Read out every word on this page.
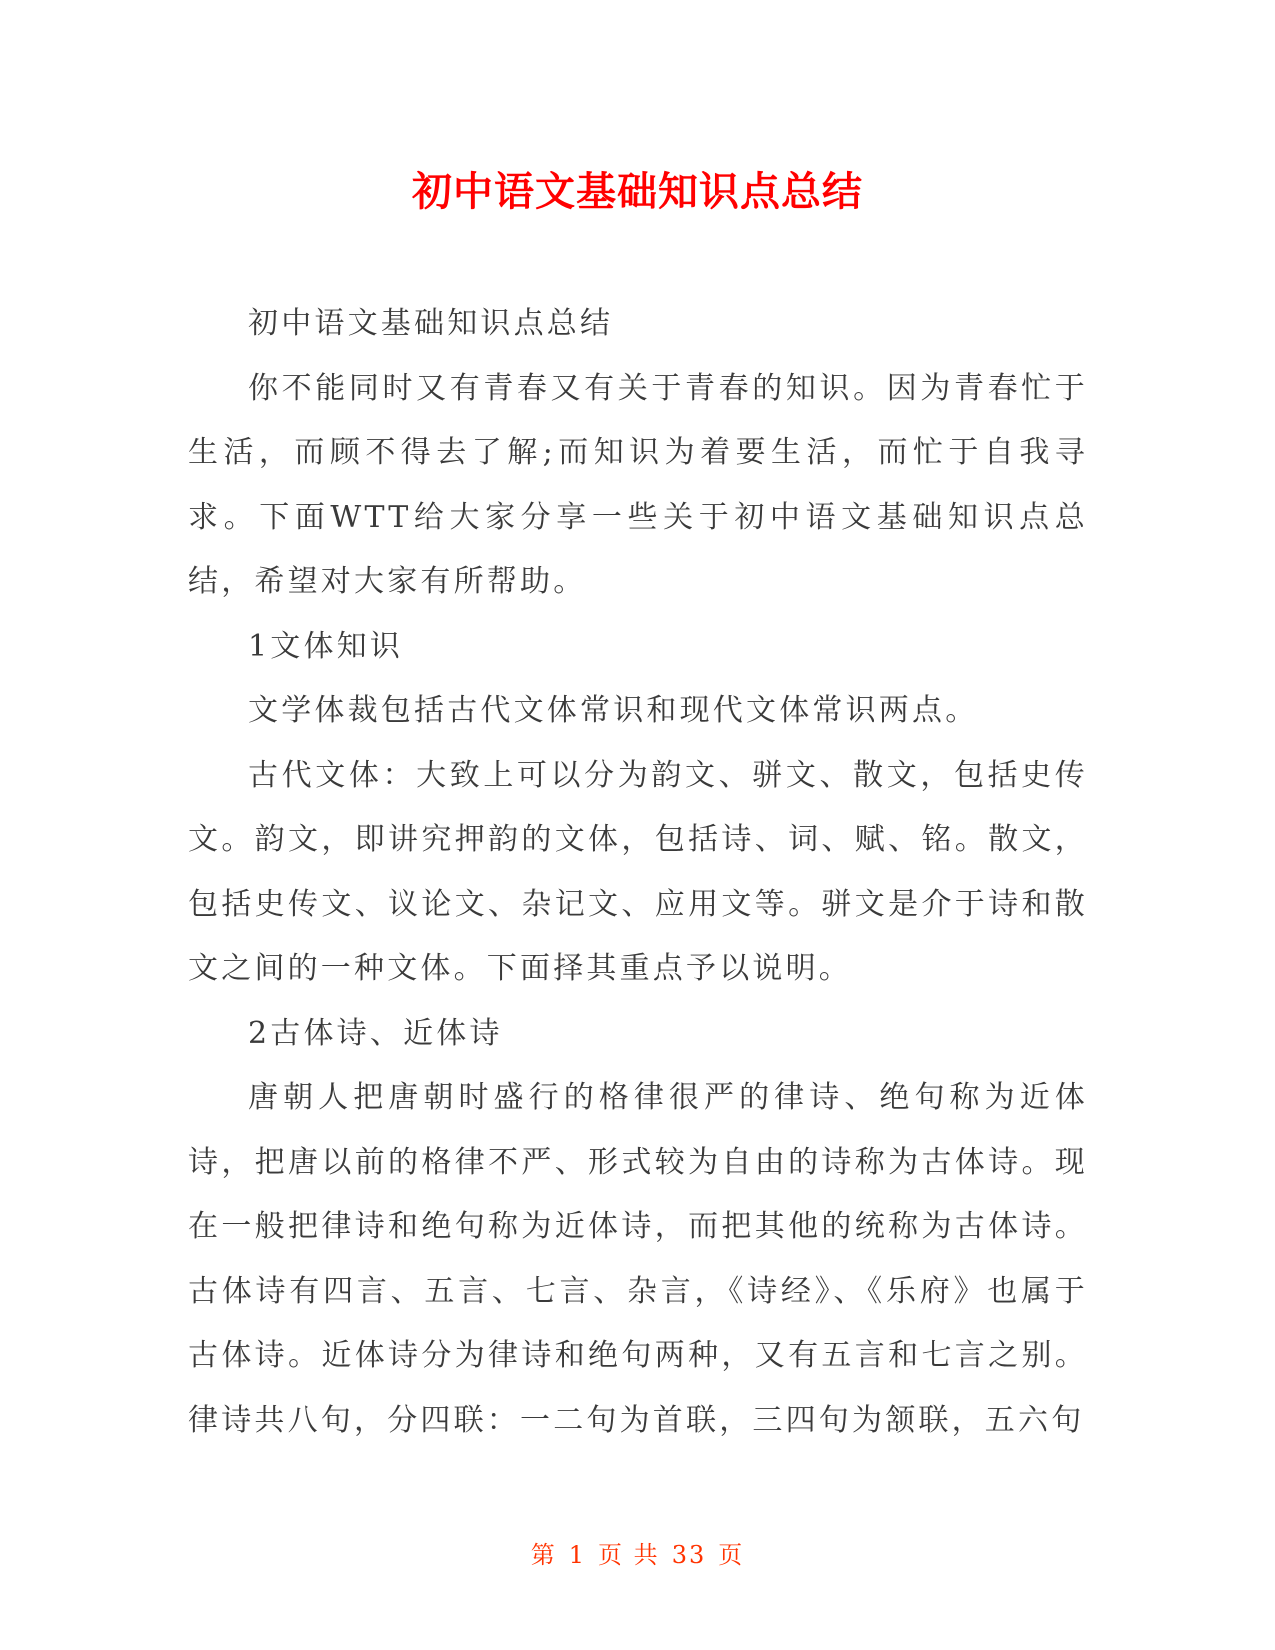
初中语文基础知识点总结

初中语文基础知识点总结

你不能同时又有青春又有关于青春的知识。因为青春忙于生活，而顾不得去了解;而知识为着要生活，而忙于自我寻求。下面WTT给大家分享一些关于初中语文基础知识点总结，希望对大家有所帮助。

1文体知识

文学体裁包括古代文体常识和现代文体常识两点。

古代文体：大致上可以分为韵文、骈文、散文，包括史传文。韵文，即讲究押韵的文体，包括诗、词、赋、铭。散文，包括史传文、议论文、杂记文、应用文等。骈文是介于诗和散文之间的一种文体。下面择其重点予以说明。

2古体诗、近体诗

唐朝人把唐朝时盛行的格律很严的律诗、绝句称为近体诗，把唐以前的格律不严、形式较为自由的诗称为古体诗。现在一般把律诗和绝句称为近体诗，而把其他的统称为古体诗。古体诗有四言、五言、七言、杂言，《诗经》、《乐府》也属于古体诗。近体诗分为律诗和绝句两种，又有五言和七言之别。律诗共八句，分四联：一二句为首联，三四句为颔联，五六句

第 1 页 共 33 页
